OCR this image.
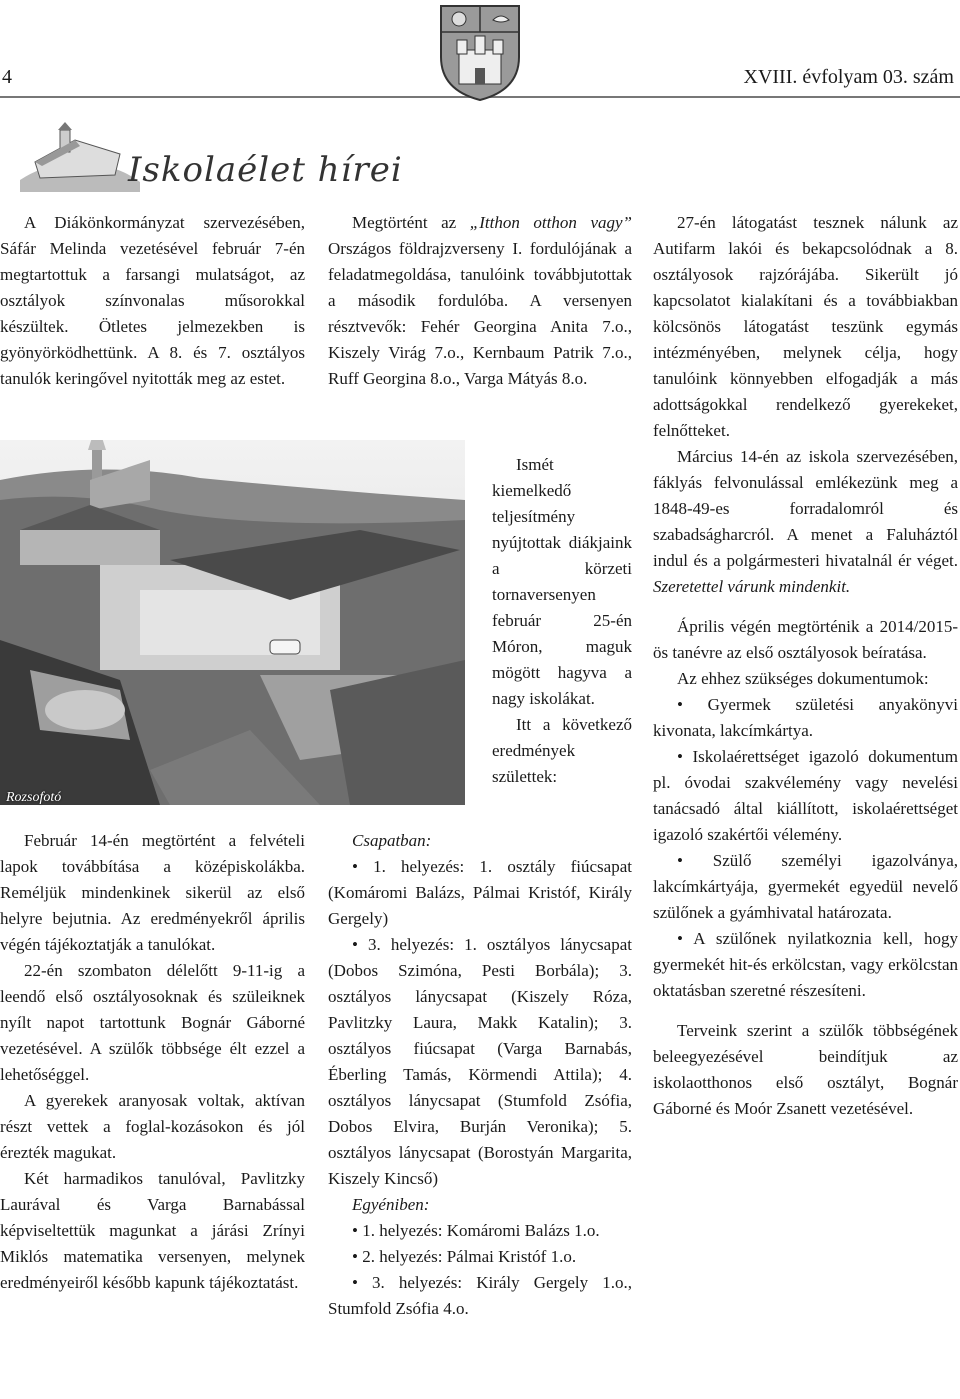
4	XVIII. évfolyam 03. szám
Iskolaélet hírei

A Diákönkormányzat szervezésében, Sáfár Melinda vezetésével február 7-én megtartottuk a farsangi mulatságot, az osztályok színvonalas műsorokkal készültek. Ötletes jelmezekben is gyönyörködhettünk. A 8. és 7. osztályos tanulók keringővel nyitották meg az estet.

Rozsofotó

Február 14-én megtörtént a felvételi lapok továbbítása a középiskolákba. Reméljük mindenkinek sikerül az első helyre bejutnia. Az eredményekről április végén tájékoztatják a tanulókat.

22-én szombaton délelőtt 9-11-ig a leendő első osztályosoknak és szüleiknek nyílt napot tartottunk Bognár Gáborné vezetésével. A szülők többsége élt ezzel a lehetőséggel.

A gyerekek aranyosak voltak, aktívan részt vettek a foglal-kozásokon és jól érezték magukat.

Két harmadikos tanulóval, Pavlitzky Laurával és Varga Barnabással képviseltettük magunkat a járási Zrínyi Miklós matematika versenyen, melynek eredményeiről később kapunk tájékoztatást.

Megtörtént az „Itthon otthon vagy” Országos földrajzverseny I. fordulójának a feladatmegoldása, tanulóink továbbjutottak a második fordulóba. A versenyen résztvevők: Fehér Georgina Anita 7.o., Kiszely Virág 7.o., Kernbaum Patrik 7.o., Ruff Georgina 8.o., Varga Mátyás 8.o.

Ismét kiemelkedő teljesítmény nyújtottak diákjaink a körzeti tornaversenyen február 25-én Móron, maguk mögött hagyva a nagy iskolákat.

Itt a következő eredmények születtek:

Csapatban:

• 1. helyezés: 1. osztály fiúcsapat (Komáromi Balázs, Pálmai Kristóf, Király Gergely)

• 3. helyezés: 1. osztályos lánycsapat (Dobos Szimóna, Pesti Borbála); 3. osztályos lánycsapat (Kiszely Róza, Pavlitzky Laura, Makk Katalin); 3. osztályos fiúcsapat (Varga Barnabás, Éberling Tamás, Körmendi Attila); 4. osztályos lánycsapat (Stumfold Zsófia, Dobos Elvira, Burján Veronika); 5. osztályos lánycsapat (Borostyán Margarita, Kiszely Kincső)

Egyéniben:

• 1. helyezés: Komáromi Balázs 1.o.

• 2. helyezés: Pálmai Kristóf 1.o.

• 3. helyezés: Király Gergely 1.o., Stumfold Zsófia 4.o.

27-én látogatást tesznek nálunk az Autifarm lakói és bekapcsolódnak a 8. osztályosok rajzórájába. Sikerült jó kapcsolatot kialakítani és a továbbiakban kölcsönös látogatást teszünk egymás intézményében, melynek célja, hogy tanulóink könnyebben elfogadják a más adottságokkal rendelkező gyerekeket, felnőtteket.

Március 14-én az iskola szervezésében, fáklyás felvonulással emlékezünk meg a 1848-49-es forradalomról és szabadságharcról. A menet a Faluháztól indul és a polgármesteri hivatalnál ér véget. Szeretettel várunk mindenkit.

Április végén megtörténik a 2014/2015-ös tanévre az első osztályosok beíratása.

Az ehhez szükséges dokumentumok:

• Gyermek születési anyakönyvi kivonata, lakcímkártya.

• Iskolaérettséget igazoló dokumentum pl. óvodai szakvélemény vagy nevelési tanácsadó által kiállított, iskolaérettséget igazoló szakértői vélemény.

• Szülő személyi igazolványa, lakcímkártyája, gyermekét egyedül nevelő szülőnek a gyámhivatal határozata.

• A szülőnek nyilatkoznia kell, hogy gyermekét hit-és erkölcstan, vagy erkölcstan oktatásban szeretné részesíteni.

Terveink szerint a szülők többségének beleegyezésével beindítjuk az iskolaotthonos első osztályt, Bognár Gáborné és Moór Zsanett vezetésével.
